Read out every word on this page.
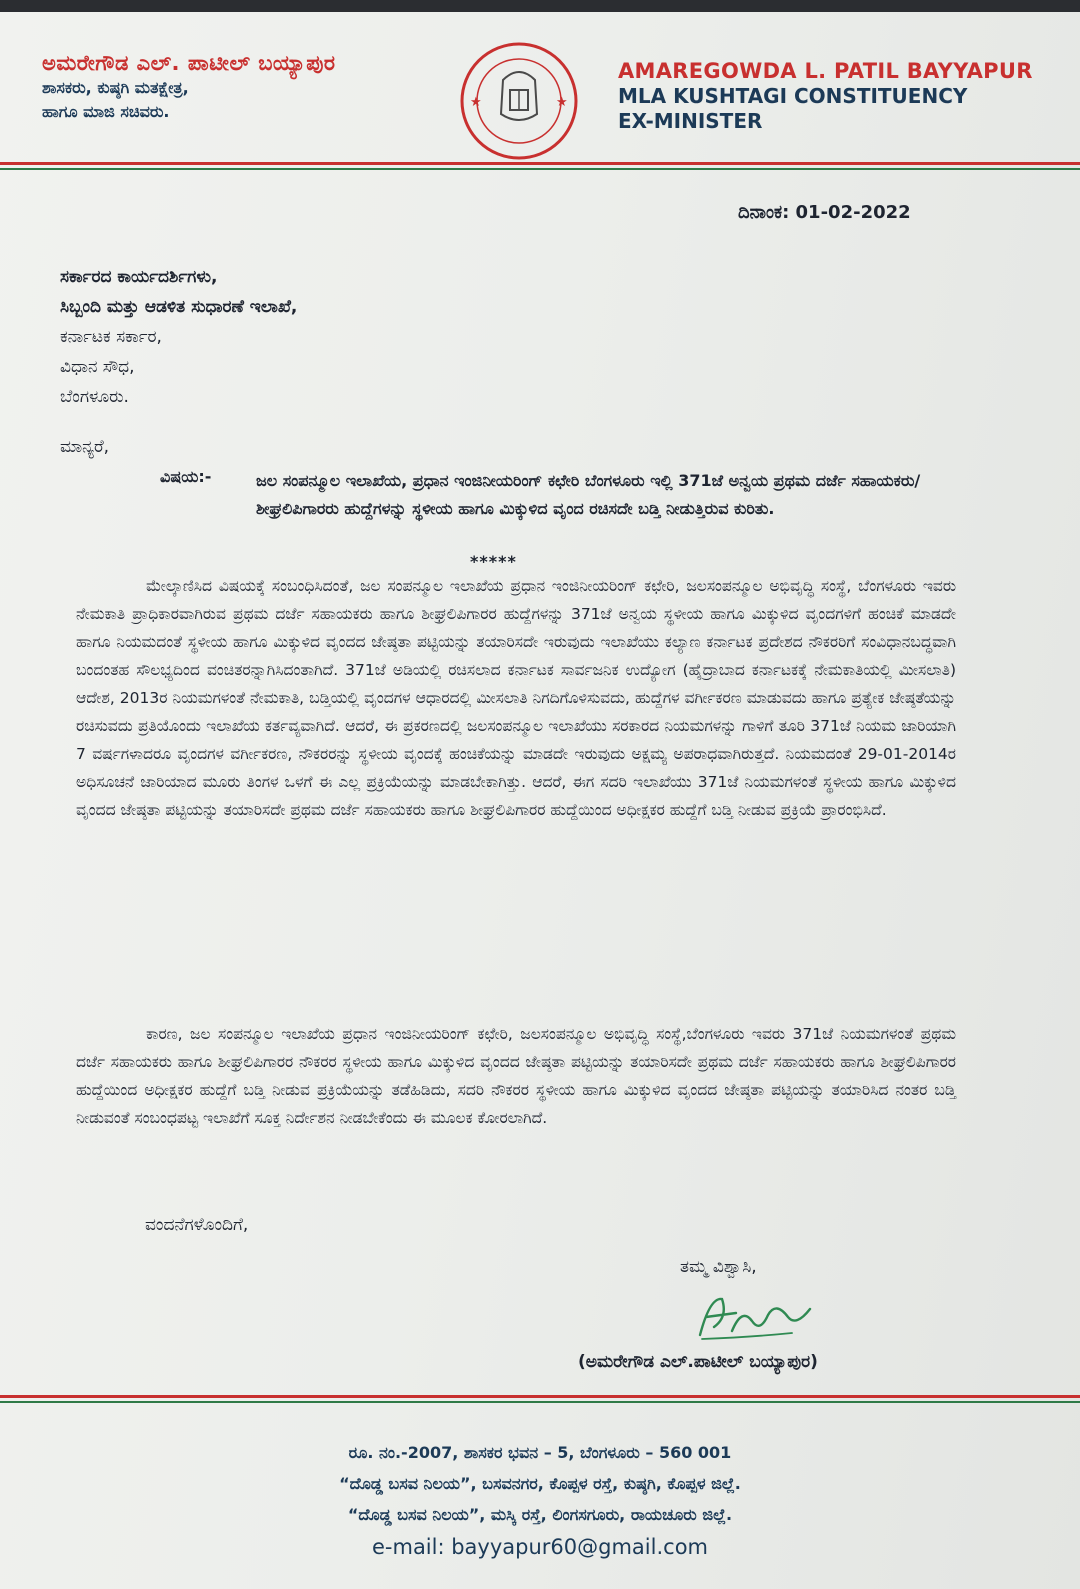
ಅಮರೇಗೌಡ ಎಲ್. ಪಾಟೀಲ್ ಬಯ್ಯಾಪುರ
ಶಾಸಕರು, ಕುಷ್ಠಗಿ ಮತಕ್ಷೇತ್ರ,
ಹಾಗೂ ಮಾಜಿ ಸಚಿವರು.	★	★
AMAREGOWDA L. PATIL BAYYAPUR
MLA KUSHTAGI CONSTITUENCY
EX-MINISTER
ದಿನಾಂಕ: 01-02-2022
ಸರ್ಕಾರದ ಕಾರ್ಯದರ್ಶಿಗಳು,
ಸಿಬ್ಬಂದಿ ಮತ್ತು ಆಡಳಿತ ಸುಧಾರಣೆ ಇಲಾಖೆ,
ಕರ್ನಾಟಕ ಸರ್ಕಾರ,
ವಿಧಾನ ಸೌಧ,
ಬೆಂಗಳೂರು.
ಮಾನ್ಯರೆ,
ವಿಷಯ:-	ಜಲ ಸಂಪನ್ಮೂಲ ಇಲಾಖೆಯ, ಪ್ರಧಾನ ಇಂಜಿನೀಯರಿಂಗ್ ಕಛೇರಿ ಬೆಂಗಳೂರು ಇಲ್ಲಿ 371ಜೆ ಅನ್ವಯ ಪ್ರಥಮ ದರ್ಜೆ ಸಹಾಯಕರು/ಶೀಘ್ರಲಿಪಿಗಾರರು ಹುದ್ದೆಗಳನ್ನು ಸ್ಥಳೀಯ ಹಾಗೂ ಮಿಕ್ಕುಳಿದ ವೃಂದ ರಚಿಸದೇ ಬಡ್ತಿ ನೀಡುತ್ತಿರುವ ಕುರಿತು.
*****
ಮೇಲ್ಕಾಣಿಸಿದ ವಿಷಯಕ್ಕೆ ಸಂಬಂಧಿಸಿದಂತೆ, ಜಲ ಸಂಪನ್ಮೂಲ ಇಲಾಖೆಯ ಪ್ರಧಾನ ಇಂಜಿನೀಯರಿಂಗ್ ಕಛೇರಿ, ಜಲಸಂಪನ್ಮೂಲ ಅಭಿವೃದ್ಧಿ ಸಂಸ್ಥೆ, ಬೆಂಗಳೂರು ಇವರು ನೇಮಕಾತಿ ಪ್ರಾಧಿಕಾರವಾಗಿರುವ ಪ್ರಥಮ ದರ್ಜೆ ಸಹಾಯಕರು ಹಾಗೂ ಶೀಘ್ರಲಿಪಿಗಾರರ ಹುದ್ದೆಗಳನ್ನು 371ಜೆ ಅನ್ವಯ ಸ್ಥಳೀಯ ಹಾಗೂ ಮಿಕ್ಕುಳಿದ ವೃಂದಗಳಿಗೆ ಹಂಚಿಕೆ ಮಾಡದೇ ಹಾಗೂ ನಿಯಮದಂತೆ ಸ್ಥಳೀಯ ಹಾಗೂ ಮಿಕ್ಕುಳಿದ ವೃಂದದ ಜೇಷ್ಠತಾ ಪಟ್ಟಿಯನ್ನು ತಯಾರಿಸದೇ ಇರುವುದು ಇಲಾಖೆಯು ಕಲ್ಯಾಣ ಕರ್ನಾಟಕ ಪ್ರದೇಶದ ನೌಕರರಿಗೆ ಸಂವಿಧಾನಬದ್ಧವಾಗಿ ಬಂದಂತಹ ಸೌಲಭ್ಯದಿಂದ ವಂಚಿತರನ್ನಾಗಿಸಿದಂತಾಗಿದೆ. 371ಜೆ ಅಡಿಯಲ್ಲಿ ರಚಿಸಲಾದ ಕರ್ನಾಟಕ ಸಾರ್ವಜನಿಕ ಉದ್ಯೋಗ (ಹೈದ್ರಾಬಾದ ಕರ್ನಾಟಕಕ್ಕೆ ನೇಮಕಾತಿಯಲ್ಲಿ ಮೀಸಲಾತಿ) ಆದೇಶ, 2013ರ ನಿಯಮಗಳಂತೆ ನೇಮಕಾತಿ, ಬಡ್ತಿಯಲ್ಲಿ ವೃಂದಗಳ ಆಧಾರದಲ್ಲಿ ಮೀಸಲಾತಿ ನಿಗದಿಗೊಳಿಸುವದು, ಹುದ್ದೆಗಳ ವರ್ಗೀಕರಣ ಮಾಡುವದು ಹಾಗೂ ಪ್ರತ್ಯೇಕ ಜೇಷ್ಠತೆಯನ್ನು ರಚಿಸುವದು ಪ್ರತಿಯೊಂದು ಇಲಾಖೆಯ ಕರ್ತವ್ಯವಾಗಿದೆ. ಆದರೆ, ಈ ಪ್ರಕರಣದಲ್ಲಿ ಜಲಸಂಪನ್ಮೂಲ ಇಲಾಖೆಯು ಸರಕಾರದ ನಿಯಮಗಳನ್ನು ಗಾಳಿಗೆ ತೂರಿ 371ಜೆ ನಿಯಮ ಜಾರಿಯಾಗಿ 7 ವರ್ಷಗಳಾದರೂ ವೃಂದಗಳ ವರ್ಗೀಕರಣ, ನೌಕರರನ್ನು ಸ್ಥಳೀಯ ವೃಂದಕ್ಕೆ ಹಂಚಿಕೆಯನ್ನು ಮಾಡದೇ ಇರುವುದು ಅಕ್ಷಮ್ಯ ಅಪರಾಧವಾಗಿರುತ್ತದೆ. ನಿಯಮದಂತೆ 29-01-2014ರ ಅಧಿಸೂಚನೆ ಜಾರಿಯಾದ ಮೂರು ತಿಂಗಳ ಒಳಗೆ ಈ ಎಲ್ಲ ಪ್ರಕ್ರಿಯೆಯನ್ನು ಮಾಡಬೇಕಾಗಿತ್ತು. ಆದರೆ, ಈಗ ಸದರಿ ಇಲಾಖೆಯು 371ಜೆ ನಿಯಮಗಳಂತೆ ಸ್ಥಳೀಯ ಹಾಗೂ ಮಿಕ್ಕುಳಿದ ವೃಂದದ ಜೇಷ್ಠತಾ ಪಟ್ಟಿಯನ್ನು ತಯಾರಿಸದೇ ಪ್ರಥಮ ದರ್ಜೆ ಸಹಾಯಕರು ಹಾಗೂ ಶೀಘ್ರಲಿಪಿಗಾರರ ಹುದ್ದೆಯಿಂದ ಅಧೀಕ್ಷಕರ ಹುದ್ದೆಗೆ ಬಡ್ತಿ ನೀಡುವ ಪ್ರಕ್ರಿಯೆ ಪ್ರಾರಂಭಿಸಿದೆ.
ಕಾರಣ, ಜಲ ಸಂಪನ್ಮೂಲ ಇಲಾಖೆಯ ಪ್ರಧಾನ ಇಂಜಿನೀಯರಿಂಗ್ ಕಛೇರಿ, ಜಲಸಂಪನ್ಮೂಲ ಅಭಿವೃದ್ಧಿ ಸಂಸ್ಥೆ,ಬೆಂಗಳೂರು ಇವರು 371ಜೆ ನಿಯಮಗಳಂತೆ ಪ್ರಥಮ ದರ್ಜೆ ಸಹಾಯಕರು ಹಾಗೂ ಶೀಘ್ರಲಿಪಿಗಾರರ ನೌಕರರ ಸ್ಥಳೀಯ ಹಾಗೂ ಮಿಕ್ಕುಳಿದ ವೃಂದದ ಜೇಷ್ಠತಾ ಪಟ್ಟಿಯನ್ನು ತಯಾರಿಸದೇ ಪ್ರಥಮ ದರ್ಜೆ ಸಹಾಯಕರು ಹಾಗೂ ಶೀಘ್ರಲಿಪಿಗಾರರ ಹುದ್ದೆಯಿಂದ ಅಧೀಕ್ಷಕರ ಹುದ್ದೆಗೆ ಬಡ್ತಿ ನೀಡುವ ಪ್ರಕ್ರಿಯೆಯನ್ನು ತಡೆಹಿಡಿದು, ಸದರಿ ನೌಕರರ ಸ್ಥಳೀಯ ಹಾಗೂ ಮಿಕ್ಕುಳಿದ ವೃಂದದ ಜೇಷ್ಠತಾ ಪಟ್ಟಿಯನ್ನು ತಯಾರಿಸಿದ ನಂತರ ಬಡ್ತಿ ನೀಡುವಂತೆ ಸಂಬಂಧಪಟ್ಟ ಇಲಾಖೆಗೆ ಸೂಕ್ತ ನಿರ್ದೇಶನ ನೀಡಬೇಕೆಂದು ಈ ಮೂಲಕ ಕೋರಲಾಗಿದೆ.
ವಂದನೆಗಳೊಂದಿಗೆ,
ತಮ್ಮ ವಿಶ್ವಾಸಿ,
(ಅಮರೇಗೌಡ ಎಲ್.ಪಾಟೀಲ್ ಬಯ್ಯಾಪುರ)
ರೂ. ನಂ.-2007, ಶಾಸಕರ ಭವನ – 5, ಬೆಂಗಳೂರು – 560 001
“ದೊಡ್ಡ ಬಸವ ನಿಲಯ”, ಬಸವನಗರ, ಕೊಪ್ಪಳ ರಸ್ತೆ, ಕುಷ್ಠಗಿ, ಕೊಪ್ಪಳ ಜಿಲ್ಲೆ.
“ದೊಡ್ಡ ಬಸವ ನಿಲಯ”, ಮಸ್ಕಿ ರಸ್ತೆ, ಲಿಂಗಸಗೂರು, ರಾಯಚೂರು ಜಿಲ್ಲೆ.
e-mail: bayyapur60@gmail.com
